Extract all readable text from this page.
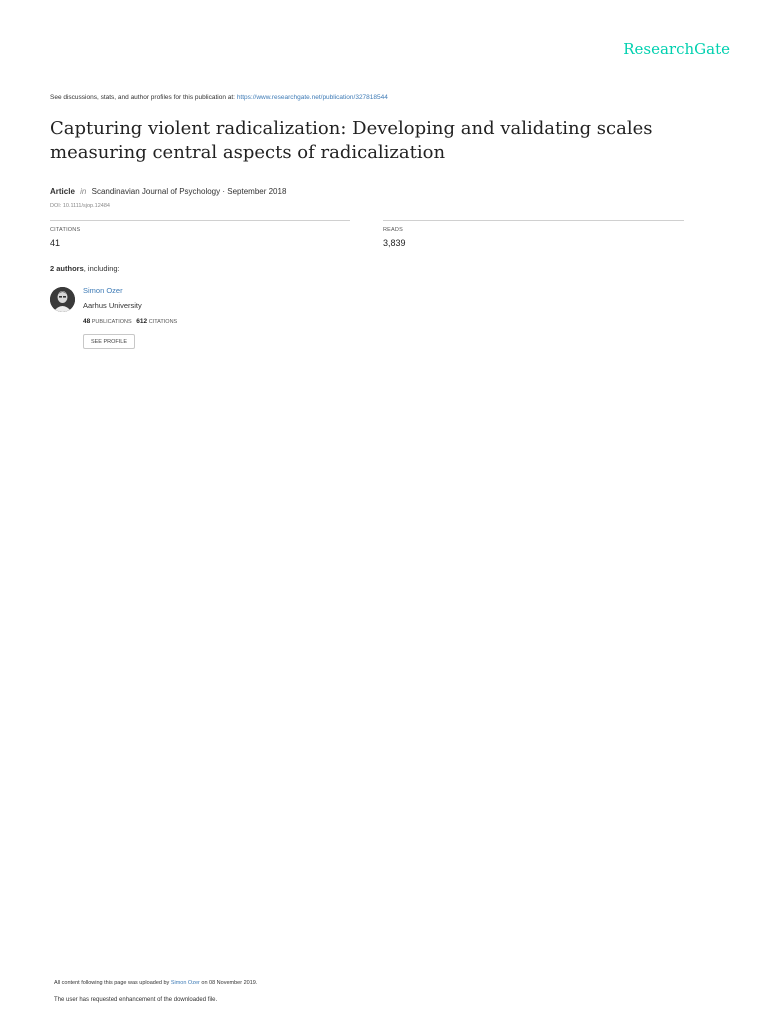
ResearchGate
See discussions, stats, and author profiles for this publication at: https://www.researchgate.net/publication/327818544
Capturing violent radicalization: Developing and validating scales measuring central aspects of radicalization
Article in Scandinavian Journal of Psychology · September 2018
DOI: 10.1111/sjop.12484
CITATIONS
41
READS
3,839
2 authors, including:
Simon Ozer
Aarhus University
48 PUBLICATIONS 612 CITATIONS
SEE PROFILE
All content following this page was uploaded by Simon Ozer on 08 November 2019.
The user has requested enhancement of the downloaded file.
